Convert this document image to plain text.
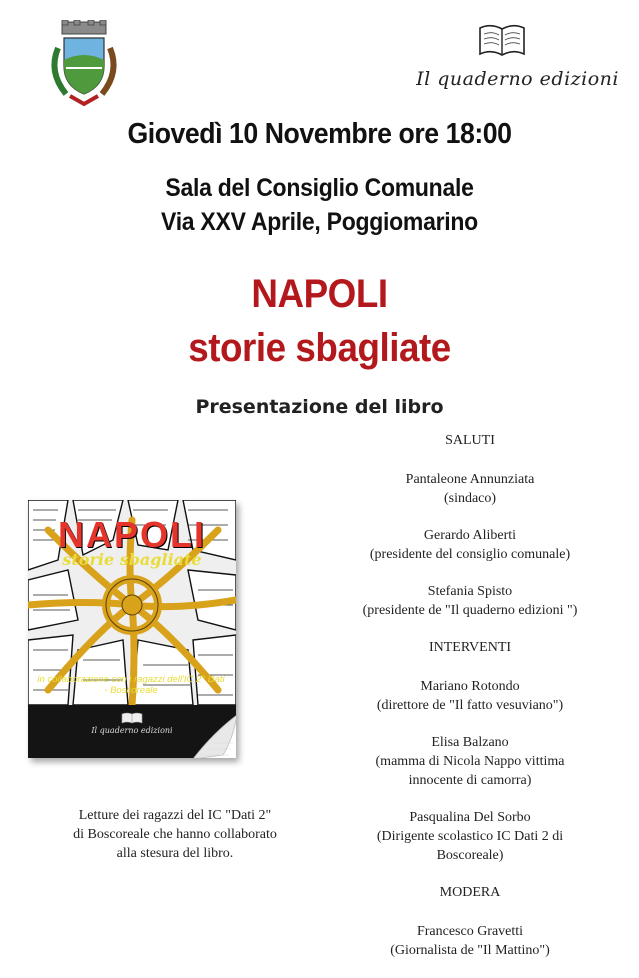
Il quaderno edizioni
Giovedì 10 Novembre ore 18:00
Sala del Consiglio Comunale
Via XXV Aprile, Poggiomarino
NAPOLI
storie sbagliate
Presentazione del libro
SALUTI
Pantaleone Annunziata
(sindaco)
Gerardo Aliberti
(presidente del consiglio comunale)
Stefania Spisto
(presidente de "Il quaderno edizioni ")
INTERVENTI
Mariano Rotondo
(direttore de "Il fatto vesuviano")
Elisa Balzano
(mamma di Nicola Nappo vittima
innocente di camorra)
Pasqualina Del Sorbo
(Dirigente scolastico IC Dati 2 di
Boscoreale)
MODERA
Francesco Gravetti
(Giornalista de "Il Mattino")
NAPOLI
storie sbagliate
in collaborazione con i ragazzi dell'IC 2° Dati - Boscoreale
Il quaderno edizioni
Letture dei ragazzi del IC "Dati 2"
di Boscoreale che hanno collaborato
alla stesura del libro.
